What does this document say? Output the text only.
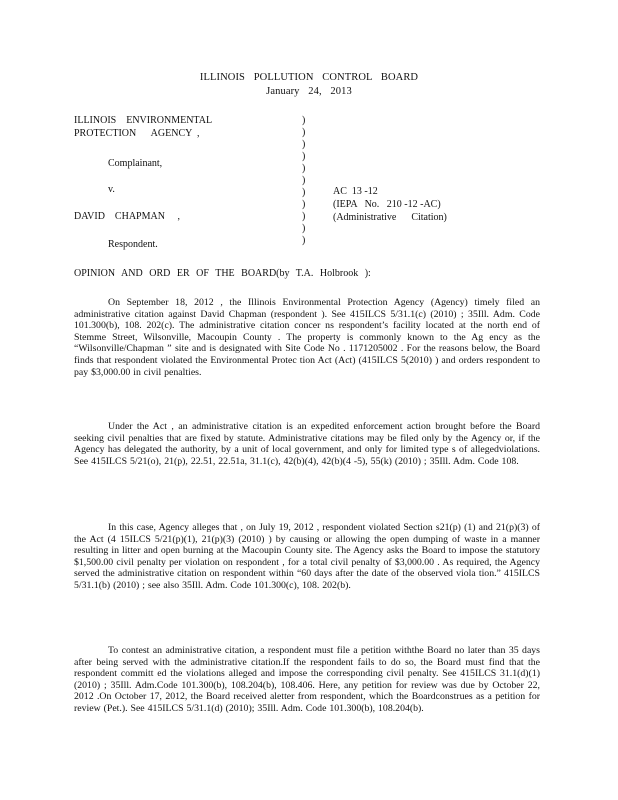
ILLINOIS POLLUTION CONTROL BOARD
January 24, 2013
ILLINOIS    ENVIRONMENTAL
PROTECTION      AGENCY  ,
Complainant,
v.
DAVID    CHAPMAN     ,
Respondent.
)
)
)
)
)
)
)
)
)
)
)
AC  13 -12
(IEPA   No.   210 -12 -AC)
(Administrative      Citation)
OPINION AND ORD ER OF THE BOARD(by T.A. Holbrook ):
On September 18, 2012 , the Illinois Environmental Protection Agency (Agency) timely filed an administrative citation against David Chapman (respondent ). See 415ILCS 5/31.1(c) (2010) ; 35Ill. Adm. Code 101.300(b), 108. 202(c). The administrative citation concer ns respondent’s facility located at the north end of Stemme Street, Wilsonville, Macoupin County . The property is commonly known to the Ag ency as the “Wilsonville/Chapman ” site and is designated with Site Code No . 1171205002 . For the reasons below, the Board finds that respondent violated the Environmental Protec tion Act (Act) (415ILCS 5(2010) ) and orders respondent to pay $3,000.00 in civil penalties.
Under the Act , an administrative citation is an expedited enforcement action brought before the Board seeking civil penalties that are fixed by statute. Administrative citations may be filed only by the Agency or, if the Agency has delegated the authority, by a unit of local government, and only for limited type s of allegedviolations. See 415ILCS 5/21(o), 21(p), 22.51, 22.51a, 31.1(c), 42(b)(4), 42(b)(4 -5), 55(k) (2010) ; 35Ill. Adm. Code 108.
In this case, Agency alleges that , on July 19, 2012 , respondent violated Section s21(p) (1) and 21(p)(3) of the Act (4 15ILCS 5/21(p)(1), 21(p)(3) (2010) ) by causing or allowing the open dumping of waste in a manner resulting in litter and open burning at the Macoupin County site. The Agency asks the Board to impose the statutory $1,500.00 civil penalty per violation on respondent , for a total civil penalty of $3,000.00 . As required, the Agency served the administrative citation on respondent within “60 days after the date of the observed viola tion.” 415ILCS 5/31.1(b) (2010) ; see also 35Ill. Adm. Code 101.300(c), 108. 202(b).
To contest an administrative citation, a respondent must file a petition withthe Board no later than 35 days after being served with the administrative citation.If the respondent fails to do so, the Board must find that the respondent committ ed the violations alleged and impose the corresponding civil penalty. See 415ILCS 31.1(d)(1) (2010) ; 35Ill. Adm.Code 101.300(b), 108.204(b), 108.406. Here, any petition for review was due by October 22, 2012 .On October 17, 2012, the Board received aletter from respondent, which the Boardconstrues as a petition for review (Pet.). See 415ILCS 5/31.1(d) (2010); 35Ill. Adm. Code 101.300(b), 108.204(b).
